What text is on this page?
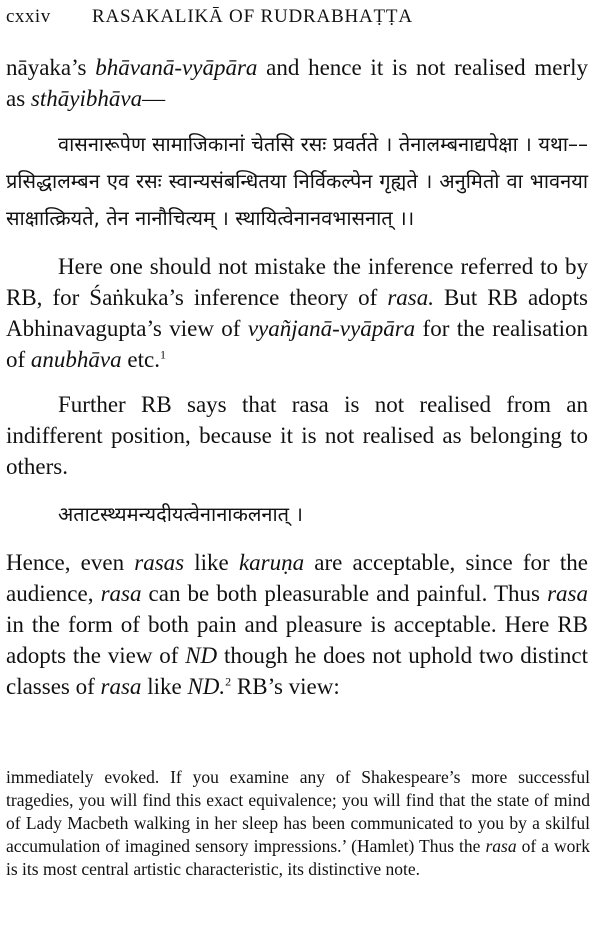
cxxiv RASAKALIKĀ OF RUDRABHAṬṬA

nāyaka’s bhāvanā-vyāpāra and hence it is not realised merly as sthāyibhāva—

वासनारूपेण सामाजिकानां चेतसि रसः प्रवर्तते । तेनालम्बनाद्यपेक्षा । यथा––प्रसिद्धालम्बन एव रसः स्वान्यसंबन्धितया निर्विकल्पेन गृह्यते । अनुमितो वा भावनया साक्षात्क्रियते, तेन नानौचित्यम् । स्थायित्वेनानवभासनात् ।।

Here one should not mistake the inference referred to by RB, for Śaṅkuka’s inference theory of rasa. But RB adopts Abhinavagupta’s view of vyañjanā-vyāpāra for the realisation of anubhāva etc.$^1$

Further RB says that rasa is not realised from an indifferent position, because it is not realised as belonging to others.

अताटस्थ्यमन्यदीयत्वेनानाकलनात् ।

Hence, even rasas like karuṇa are acceptable, since for the audience, rasa can be both pleasurable and painful. Thus rasa in the form of both pain and pleasure is acceptable. Here RB adopts the view of ND though he does not uphold two distinct classes of rasa like ND.$^2$ RB’s view:

immediately evoked. If you examine any of Shakespeare’s more successful tragedies, you will find this exact equivalence; you will find that the state of mind of Lady Macbeth walking in her sleep has been communicated to you by a skilful accumulation of imagined sensory impressions.’ (Hamlet) Thus the rasa of a work is its most central artistic characteristic, its distinctive note.
